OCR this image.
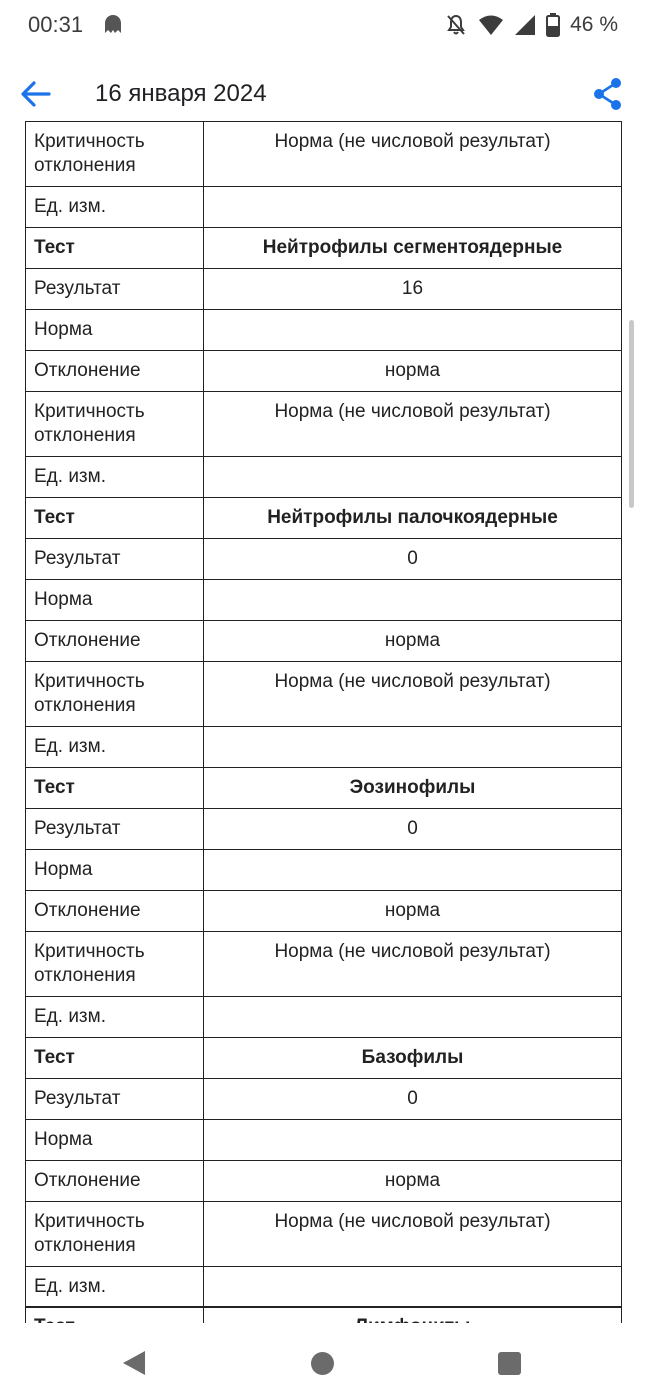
00:31	46 %
16 января 2024
Критичность отклонения	Норма (не числовой результат)
Ед. изм.	
Тест	Нейтрофилы сегментоядерные
Результат	16
Норма	
Отклонение	норма
Критичность отклонения	Норма (не числовой результат)
Ед. изм.	
Тест	Нейтрофилы палочкоядерные
Результат	0
Норма	
Отклонение	норма
Критичность отклонения	Норма (не числовой результат)
Ед. изм.	
Тест	Эозинофилы
Результат	0
Норма	
Отклонение	норма
Критичность отклонения	Норма (не числовой результат)
Ед. изм.	
Тест	Базофилы
Результат	0
Норма	
Отклонение	норма
Критичность отклонения	Норма (не числовой результат)
Ед. изм.	
